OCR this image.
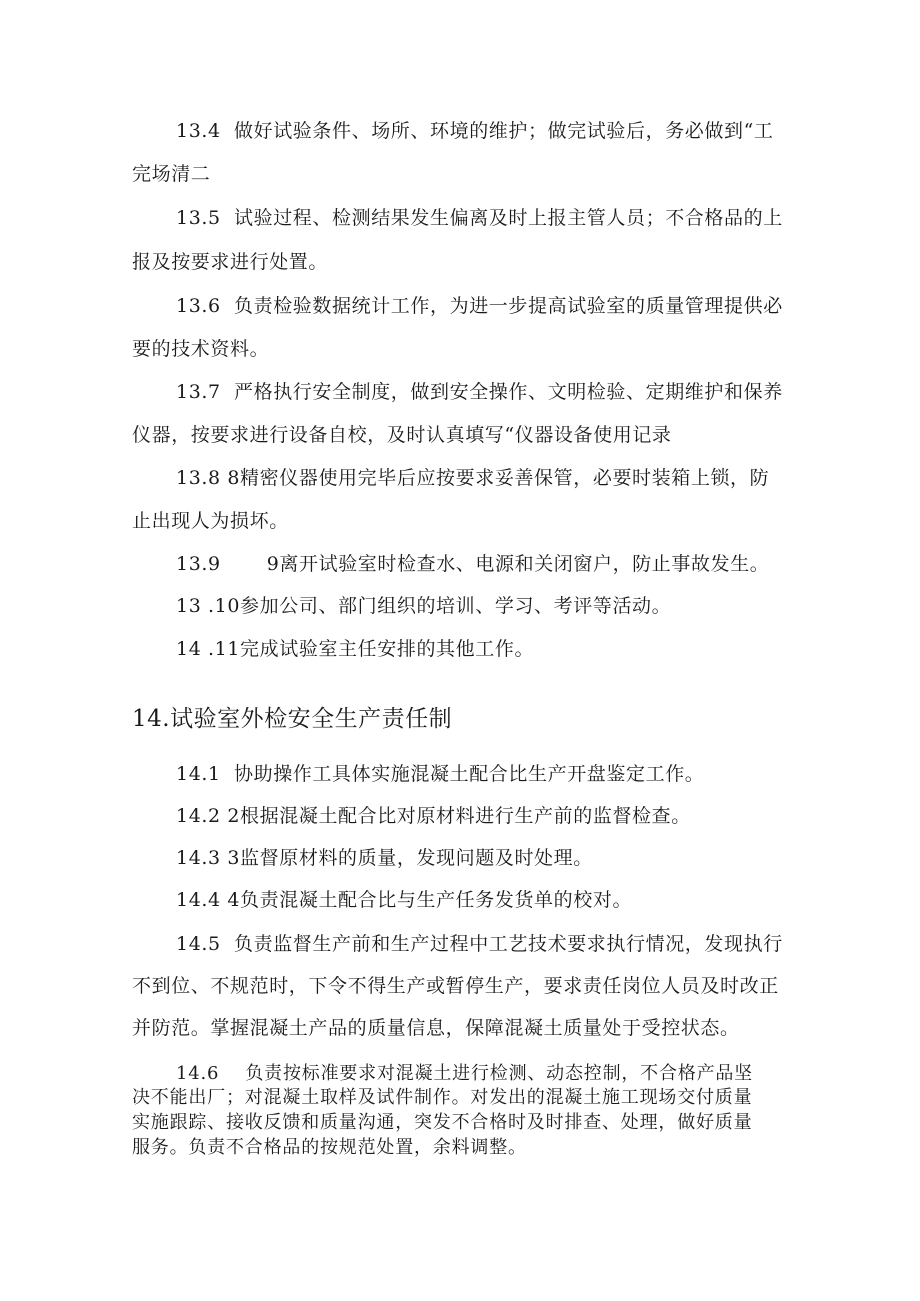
13.4 做好试验条件、场所、环境的维护；做完试验后，务必做到“工

完场清二

13.5 试验过程、检测结果发生偏离及时上报主管人员；不合格品的上

报及按要求进行处置。

13.6 负责检验数据统计工作，为进一步提高试验室的质量管理提供必

要的技术资料。

13.7 严格执行安全制度，做到安全操作、文明检验、定期维护和保养

仪器，按要求进行设备自校，及时认真填写“仪器设备使用记录

13.8 8精密仪器使用完毕后应按要求妥善保管，必要时装箱上锁，防

止出现人为损坏。

13.9 9离开试验室时检查水、电源和关闭窗户，防止事故发生。

13 .10参加公司、部门组织的培训、学习、考评等活动。

14 .11完成试验室主任安排的其他工作。

14.试验室外检安全生产责任制

14.1 协助操作工具体实施混凝土配合比生产开盘鉴定工作。

14.2 2根据混凝土配合比对原材料进行生产前的监督检查。

14.3 3监督原材料的质量，发现问题及时处理。

14.4 4负责混凝土配合比与生产任务发货单的校对。

14.5 负责监督生产前和生产过程中工艺技术要求执行情况，发现执行

不到位、不规范时，下令不得生产或暂停生产，要求责任岗位人员及时改正

并防范。掌握混凝土产品的质量信息，保障混凝土质量处于受控状态。

14.6 负责按标准要求对混凝土进行检测、动态控制，不合格产品坚

决不能出厂；对混凝土取样及试件制作。对发出的混凝土施工现场交付质量

实施跟踪、接收反馈和质量沟通，突发不合格时及时排查、处理，做好质量

服务。负责不合格品的按规范处置，余料调整。
